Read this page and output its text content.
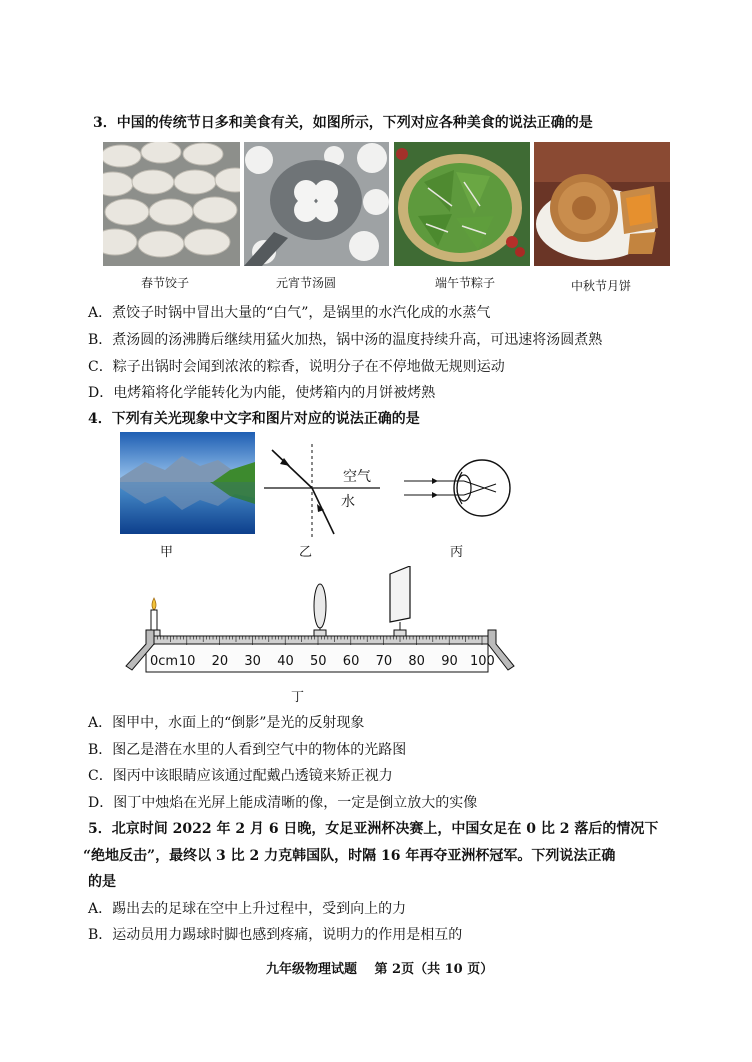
3．中国的传统节日多和美食有关，如图所示，下列对应各种美食的说法正确的是
春节饺子	元宵节汤圆	端午节粽子	中秋节月饼
A．煮饺子时锅中冒出大量的“白气”，是锅里的水汽化成的水蒸气
B．煮汤圆的汤沸腾后继续用猛火加热，锅中汤的温度持续升高，可迅速将汤圆煮熟
C．粽子出锅时会闻到浓浓的粽香，说明分子在不停地做无规则运动
D．电烤箱将化学能转化为内能，使烤箱内的月饼被烤熟
4．下列有关光现象中文字和图片对应的说法正确的是
空气
水
甲	乙	丙
0cm 10 20 30 40 50 60 70 80 90 100
丁
A．图甲中，水面上的“倒影”是光的反射现象
B．图乙是潜在水里的人看到空气中的物体的光路图
C．图丙中该眼睛应该通过配戴凸透镜来矫正视力
D．图丁中烛焰在光屏上能成清晰的像，一定是倒立放大的实像
5．北京时间 2022 年 2 月 6 日晚，女足亚洲杯决赛上，中国女足在 0 比 2 落后的情况下
“绝地反击”，最终以 3 比 2 力克韩国队，时隔 16 年再夺亚洲杯冠军。下列说法正确
的是
A．踢出去的足球在空中上升过程中，受到向上的力
B．运动员用力踢球时脚也感到疼痛，说明力的作用是相互的
九年级物理试题　 第 2页（共 10 页）
